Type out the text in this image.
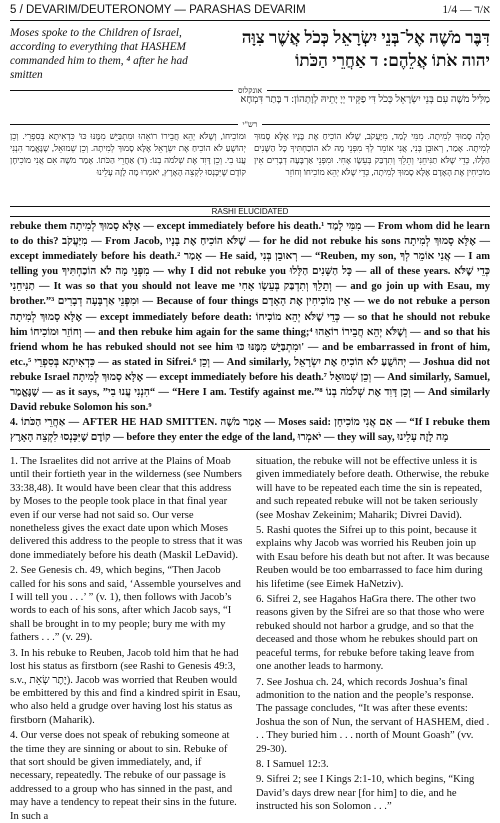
5 / DEVARIM/DEUTERONOMY — PARASHAS DEVARIM	1/4 — א/ד
Moses spoke to the Children of Israel, according to everything that HASHEM commanded him to them, ⁴ after he had smitten
דִּבֶּר מֹשֶׁה אֶל־בְּנֵי יִשְׂרָאֵל כְּכֹל אֲשֶׁר צִוָּה יהוה אֹתוֹ אֲלֵהֶם: ד אַחֲרֵי הַכֹּתוֹ
אונקלוס
מַלִּיל משֶׁה עִם בְּנֵי יִשְׂרָאֵל כְּכֹל דִּי פַקֵּיד יְיָ יָתֵיהּ לְוָתְהוֹן: ד בָּתַר דִּמְחָא
רש"י
תָּלָה סָמוּךְ לְמִיתָה. מִמִּי לָמַד, מִיַּעֲקֹב, שֶׁלֹּא הוֹכִיחַ אֶת בָּנָיו אֶלָּא סָמוּךְ לְמִיתָה. אָמַר, רְאוּבֵן בְּנִי, אֲנִי אוֹמֵר לְךָ מִפְּנֵי מָה לֹא הוֹכַחְתִּיךָ כָּל הַשָּׁנִים הַלָּלוּ, כְּדֵי שֶׁלֹּא תַנִּיחֵנִי וְתֵלֵךְ וְתִדְבַּק בְּעֵשָׂו אָחִי. וּמִפְּנֵי אַרְבָּעָה דְבָרִים אֵין מוֹכִיחִין אֶת הָאָדָם אֶלָּא סָמוּךְ לְמִיתָה, כְּדֵי שֶׁלֹּא יְהֵא מוֹכִיחוֹ וְחוֹזֵר
וּמוֹכִיחוֹ, וְשֶׁלֹּא יְהֵא חֲבֵירוֹ רוֹאֵהוּ וּמִתְבַּיֵּשׁ מִמֶּנּוּ כּוּ' כִּדְאִיתָא בְּסִפְרֵי. וְכֵן יְהוֹשֻׁעַ לֹא הוֹכִיחַ אֶת יִשְׂרָאֵל אֶלָּא סָמוּךְ לְמִיתָה. וְכֵן שְׁמוּאֵל, שֶׁנֶּאֱמַר הִנְנִי עֲנוּ בִי. וְכֵן דָּוִד אֶת שְׁלֹמֹה בְנוֹ: (ד) אַחֲרֵי הַכֹּתוֹ. אָמַר מֹשֶׁה אִם אֲנִי מוֹכִיחָן קוֹדֶם שֶׁיִּכָּנְסוּ לִקְצֵה הָאָרֶץ, יֹאמְרוּ מָה לָזֶה עָלֵינוּ
RASHI ELUCIDATED
rebuke them אֶלָּא סָמוּךְ לְמִיתָה — except immediately before his death.¹ מִמִּי לָמַד — From whom did he learn to do this? מִיַּעֲקֹב — From Jacob, שֶׁלֹּא הוֹכִיחַ אֶת בָּנָיו — for he did not rebuke his sons אֶלָּא סָמוּךְ לְמִיתָה — except immediately before his death.² אָמַר — He said, רְאוּבֵן בְּנִי — “Reuben, my son, אֲנִי אוֹמֵר לְךָ — I am telling you מִפְּנֵי מָה לֹא הוֹכַחְתִּיךָ — why I did not rebuke you כָּל הַשָּׁנִים הַלָּלוּ — all of these years. כְּדֵי שֶׁלֹּא תַנִּיחֵנִי — It was so that you should not leave me וְתֵלֵךְ וְתִדְבַּק בְּעֵשָׂו אָחִי — and go join up with Esau, my brother.”³ וּמִפְּנֵי אַרְבָּעָה דְבָרִים — Because of four things אֵין מוֹכִיחִין אֶת הָאָדָם — we do not rebuke a person אֶלָּא סָמוּךְ לְמִיתָה — except immediately before death: כְּדֵי שֶׁלֹּא יְהֵא מוֹכִיחוֹ — so that he should not rebuke him וְחוֹזֵר וּמוֹכִיחוֹ — and then rebuke him again for the same thing;⁴ וְשֶׁלֹּא יְהֵא חֲבֵירוֹ רוֹאֵהוּ — and so that his friend whom he has rebuked should not see him וּמִתְבַּיֵּשׁ מִמֶּנּוּ כּוּ' — and be embarrassed in front of him, etc.,⁵ כִּדְאִיתָא בְּסִפְרֵי — as stated in Sifrei.⁶ וְכֵן — And similarly, יְהוֹשֻׁעַ לֹא הוֹכִיחַ אֶת יִשְׂרָאֵל — Joshua did not rebuke Israel אֶלָּא סָמוּךְ לְמִיתָה — except immediately before his death.⁷ וְכֵן שְׁמוּאֵל — And similarly, Samuel, שֶׁנֶּאֱמַר — as it says, ”הִנְנִי עֲנוּ בִי“ — “Here I am. Testify against me.”⁸ וְכֵן דָּוִד אֶת שְׁלֹמֹה בְנוֹ — And similarly David rebuke Solomon his son.⁹
4. אַחֲרֵי הַכֹּתוֹ — AFTER HE HAD SMITTEN. אָמַר מֹשֶׁה — Moses said: אִם אֲנִי מוֹכִיחָן — “If I rebuke them קוֹדֶם שֶׁיִּכָּנְסוּ לִקְצֵה הָאָרֶץ — before they enter the edge of the land, יֹאמְרוּ — they will say, מָה לָזֶה עָלֵינוּ

1. The Israelites did not arrive at the Plains of Moab until their fortieth year in the wilderness (see Numbers 33:38,48). It would have been clear that this address by Moses to the people took place in that final year even if our verse had not said so. Our verse nonetheless gives the exact date upon which Moses delivered this address to the people to stress that it was done immediately before his death (Maskil LeDavid).

2. See Genesis ch. 49, which begins, “Then Jacob called for his sons and said, ‘Assemble yourselves and I will tell you . . .’ ” (v. 1), then follows with Jacob’s words to each of his sons, after which Jacob says, “I shall be brought in to my people; bury me with my fathers . . .” (v. 29).

3. In his rebuke to Reuben, Jacob told him that he had lost his status as firstborn (see Rashi to Genesis 49:3, s.v., יֶתֶר שְׂאֵת). Jacob was worried that Reuben would be embittered by this and find a kindred spirit in Esau, who also held a grudge over having lost his status as firstborn (Maharik).

4. Our verse does not speak of rebuking someone at the time they are sinning or about to sin. Rebuke of that sort should be given immediately, and, if necessary, repeatedly. The rebuke of our passage is addressed to a group who has sinned in the past, and may have a tendency to repeat their sins in the future. In such a

situation, the rebuke will not be effective unless it is given immediately before death. Otherwise, the rebuke will have to be repeated each time the sin is repeated, and such repeated rebuke will not be taken seriously (see Moshav Zekeinim; Maharik; Divrei David).

5. Rashi quotes the Sifrei up to this point, because it explains why Jacob was worried his Reuben join up with Esau before his death but not after. It was because Reuben would be too embarrassed to face him during his lifetime (see Eimek HaNetziv).

6. Sifrei 2, see Hagahos HaGra there. The other two reasons given by the Sifrei are so that those who were rebuked should not harbor a grudge, and so that the deceased and those whom he rebukes should part on peaceful terms, for rebuke before taking leave from one another leads to harmony.

7. See Joshua ch. 24, which records Joshua’s final admonition to the nation and the people’s response. The passage concludes, “It was after these events: Joshua the son of Nun, the servant of HASHEM, died . . . They buried him . . . north of Mount Goash” (vv. 29-30).

8. I Samuel 12:3.

9. Sifrei 2; see I Kings 2:1-10, which begins, “King David’s days drew near [for him] to die, and he instructed his son Solomon . . .”
